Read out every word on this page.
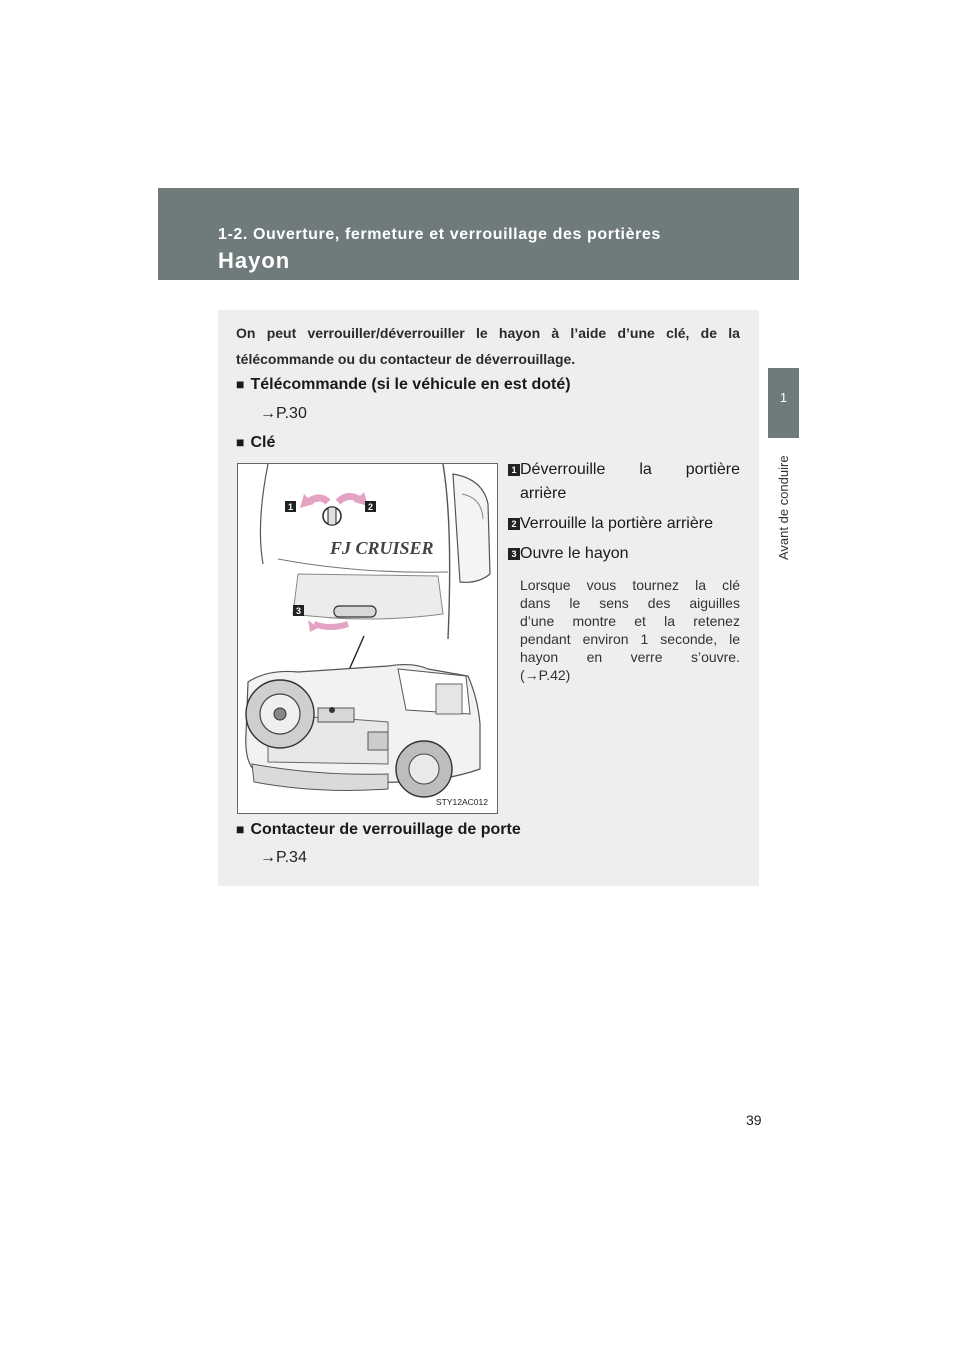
1-2. Ouverture, fermeture et verrouillage des portières
Hayon
1
Avant de conduire
On peut verrouiller/déverrouiller le hayon à l’aide d’une clé, de la
télécommande ou du contacteur de déverrouillage.
■ Télécommande (si le véhicule en est doté)
→P.30
■ Clé
FJ CRUISER
1	2
3
STY12AC012
1 Déverrouille la portière
arrière
2 Verrouille la portière arrière
3 Ouvre le hayon
Lorsque vous tournez la clé
dans le sens des aiguilles
d’une montre et la retenez
pendant environ 1 seconde, le
hayon en verre s’ouvre.
(→P.42)
■ Contacteur de verrouillage de porte
→P.34
39
